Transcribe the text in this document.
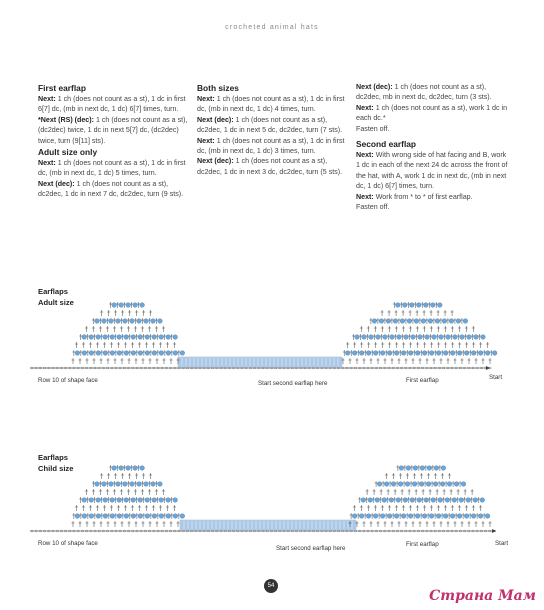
crocheted animal hats

First earflap

Next: 1 ch (does not count as a st), 1 dc in first 6[7] dc, (mb in next dc, 1 dc) 6[7] times, turn.

*Next (RS) (dec): 1 ch (does not count as a st), (dc2dec) twice, 1 dc in next 5[7] dc, (dc2dec) twice, turn (9[11] sts).

Adult size only

Next: 1 ch (does not count as a st), 1 dc in first dc, (mb in next dc, 1 dc) 5 times, turn.

Next (dec): 1 ch (does not count as a st), dc2dec, 1 dc in next 7 dc, dc2dec, turn (9 sts).

Both sizes

Next: 1 ch (does not count as a st), 1 dc in first dc, (mb in next dc, 1 dc) 4 times, turn.

Next (dec): 1 ch (does not count as a st), dc2dec, 1 dc in next 5 dc, dc2dec, turn (7 sts).

Next: 1 ch (does not count as a st), 1 dc in first dc, (mb in next dc, 1 dc) 3 times, turn.

Next (dec): 1 ch (does not count as a st), dc2dec, 1 dc in next 3 dc, dc2dec, turn (5 sts).

Next (dec): 1 ch (does not count as a st), dc2dec, mb in next dc, dc2dec, turn (3 sts).

Next: 1 ch (does not count as a st), work 1 dc in each dc.*

Fasten off.

Second earflap

Next: With wrong side of hat facing and B, work 1 dc in each of the next 24 dc across the front of the hat, with A, work 1 dc in next dc, (mb in next dc, 1 dc) 6[7] times, turn.

Next: Work from * to * of first earflap.

Fasten off.

Earflaps
Adult size
Earflaps
Child size
Row 10 of shape face	Start second earflap here	First earflap	Start
Row 10 of shape face
Start second earflap here
First earflap	Start
54
Страна Мам
